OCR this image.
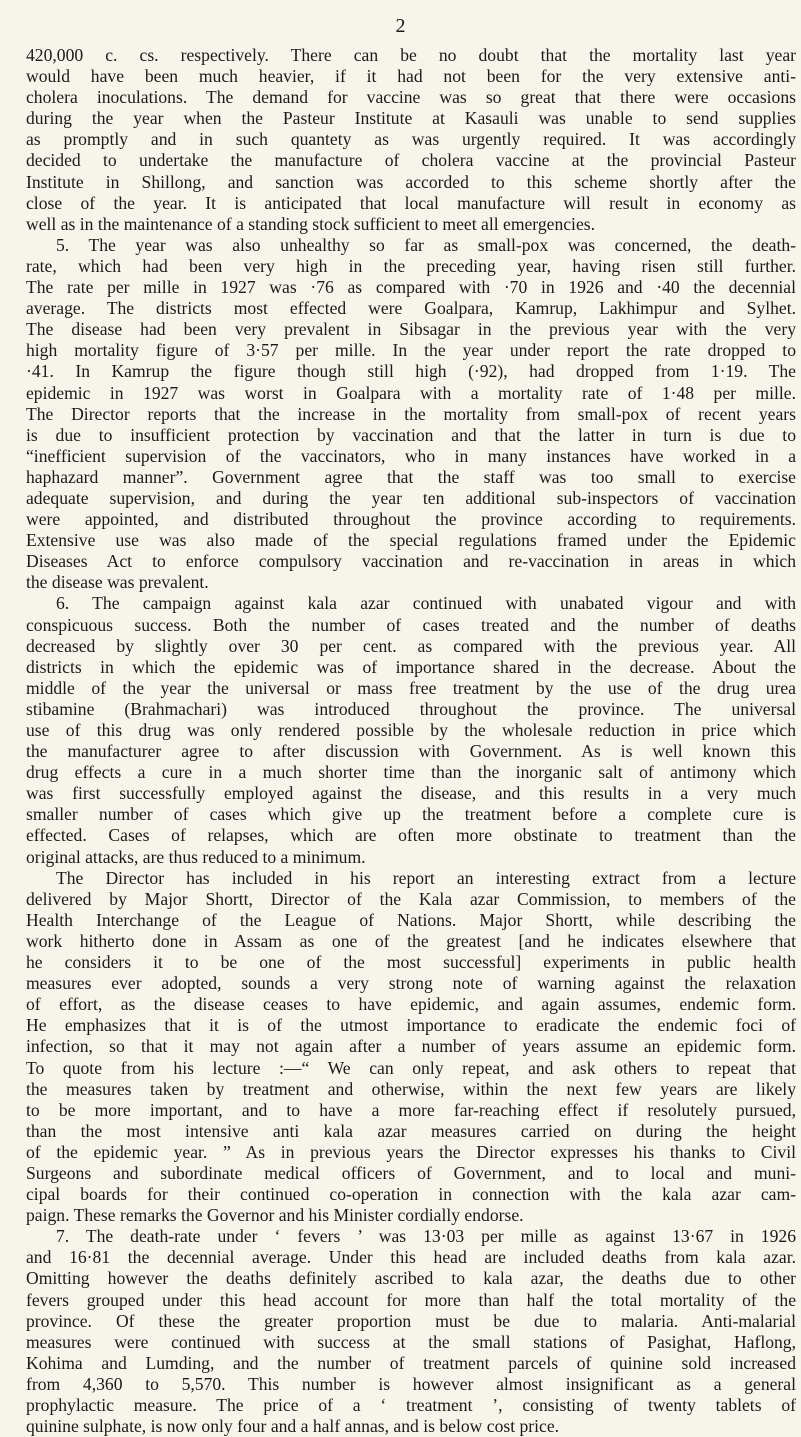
2

420,000 c. cs. respectively. There can be no doubt that the mortality last year
would have been much heavier, if it had not been for the very extensive anti-
cholera inoculations. The demand for vaccine was so great that there were occasions
during the year when the Pasteur Institute at Kasauli was unable to send supplies
as promptly and in such quantety as was urgently required. It was accordingly
decided to undertake the manufacture of cholera vaccine at the provincial Pasteur
Institute in Shillong, and sanction was accorded to this scheme shortly after the
close of the year. It is anticipated that local manufacture will result in economy as
well as in the maintenance of a standing stock sufficient to meet all emergencies.

5. The year was also unhealthy so far as small-pox was concerned, the death-
rate, which had been very high in the preceding year, having risen still further.
The rate per mille in 1927 was ·76 as compared with ·70 in 1926 and ·40 the decennial
average. The districts most effected were Goalpara, Kamrup, Lakhimpur and Sylhet.
The disease had been very prevalent in Sibsagar in the previous year with the very
high mortality figure of 3·57 per mille. In the year under report the rate dropped to
·41. In Kamrup the figure though still high (·92), had dropped from 1·19. The
epidemic in 1927 was worst in Goalpara with a mortality rate of 1·48 per mille.
The Director reports that the increase in the mortality from small-pox of recent years
is due to insufficient protection by vaccination and that the latter in turn is due to
“inefficient supervision of the vaccinators, who in many instances have worked in a
haphazard manner”. Government agree that the staff was too small to exercise
adequate supervision, and during the year ten additional sub-inspectors of vaccination
were appointed, and distributed throughout the province according to requirements.
Extensive use was also made of the special regulations framed under the Epidemic
Diseases Act to enforce compulsory vaccination and re-vaccination in areas in which
the disease was prevalent.

6. The campaign against kala azar continued with unabated vigour and with
conspicuous success. Both the number of cases treated and the number of deaths
decreased by slightly over 30 per cent. as compared with the previous year. All
districts in which the epidemic was of importance shared in the decrease. About the
middle of the year the universal or mass free treatment by the use of the drug urea
stibamine (Brahmachari) was introduced throughout the province. The universal
use of this drug was only rendered possible by the wholesale reduction in price which
the manufacturer agree to after discussion with Government. As is well known this
drug effects a cure in a much shorter time than the inorganic salt of antimony which
was first successfully employed against the disease, and this results in a very much
smaller number of cases which give up the treatment before a complete cure is
effected. Cases of relapses, which are often more obstinate to treatment than the
original attacks, are thus reduced to a minimum.

The Director has included in his report an interesting extract from a lecture
delivered by Major Shortt, Director of the Kala azar Commission, to members of the
Health Interchange of the League of Nations. Major Shortt, while describing the
work hitherto done in Assam as one of the greatest [and he indicates elsewhere that
he considers it to be one of the most successful] experiments in public health
measures ever adopted, sounds a very strong note of warning against the relaxation
of effort, as the disease ceases to have epidemic, and again assumes, endemic form.
He emphasizes that it is of the utmost importance to eradicate the endemic foci of
infection, so that it may not again after a number of years assume an epidemic form.
To quote from his lecture :—“ We can only repeat, and ask others to repeat that
the measures taken by treatment and otherwise, within the next few years are likely
to be more important, and to have a more far-reaching effect if resolutely pursued,
than the most intensive anti kala azar measures carried on during the height
of the epidemic year. ” As in previous years the Director expresses his thanks to Civil
Surgeons and subordinate medical officers of Government, and to local and muni-
cipal boards for their continued co-operation in connection with the kala azar cam-
paign. These remarks the Governor and his Minister cordially endorse.

7. The death-rate under ‘ fevers ’ was 13·03 per mille as against 13·67 in 1926
and 16·81 the decennial average. Under this head are included deaths from kala azar.
Omitting however the deaths definitely ascribed to kala azar, the deaths due to other
fevers grouped under this head account for more than half the total mortality of the
province. Of these the greater proportion must be due to malaria. Anti-malarial
measures were continued with success at the small stations of Pasighat, Haflong,
Kohima and Lumding, and the number of treatment parcels of quinine sold increased
from 4,360 to 5,570. This number is however almost insignificant as a general
prophylactic measure. The price of a ‘ treatment ’, consisting of twenty tablets of
quinine sulphate, is now only four and a half annas, and is below cost price.
